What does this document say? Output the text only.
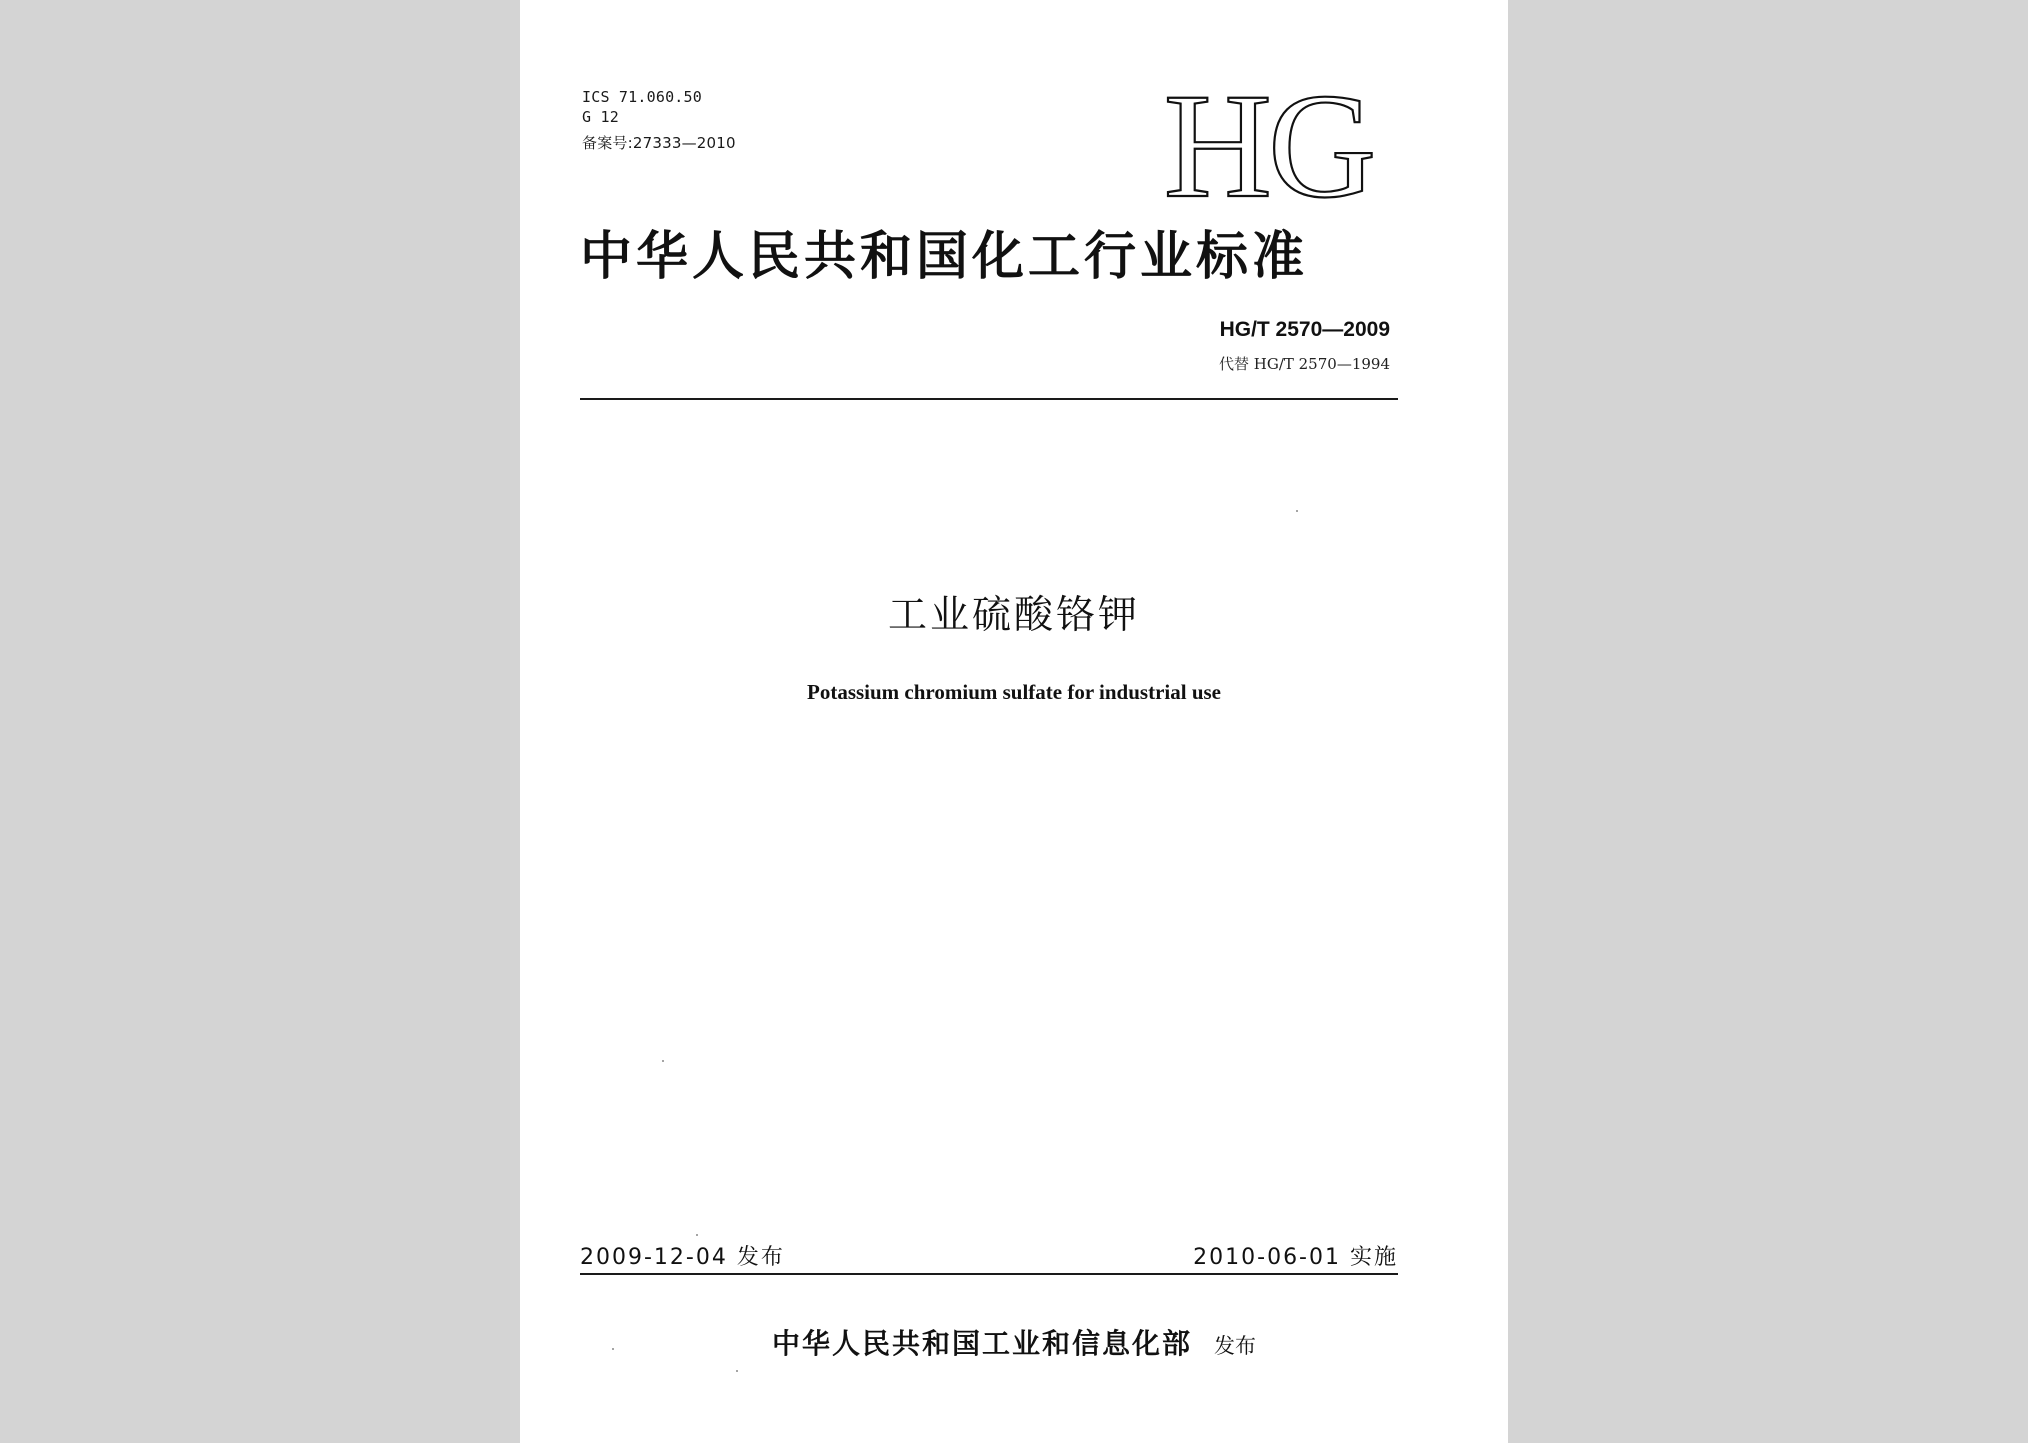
ICS 71.060.50
G 12
备案号:27333—2010	HG
中华人民共和国化工行业标准
HG/T 2570—2009
代替 HG/T 2570—1994
工业硫酸铬钾
Potassium chromium sulfate for industrial use
2009-12-04 发布	2010-06-01 实施
中华人民共和国工业和信息化部 发布
